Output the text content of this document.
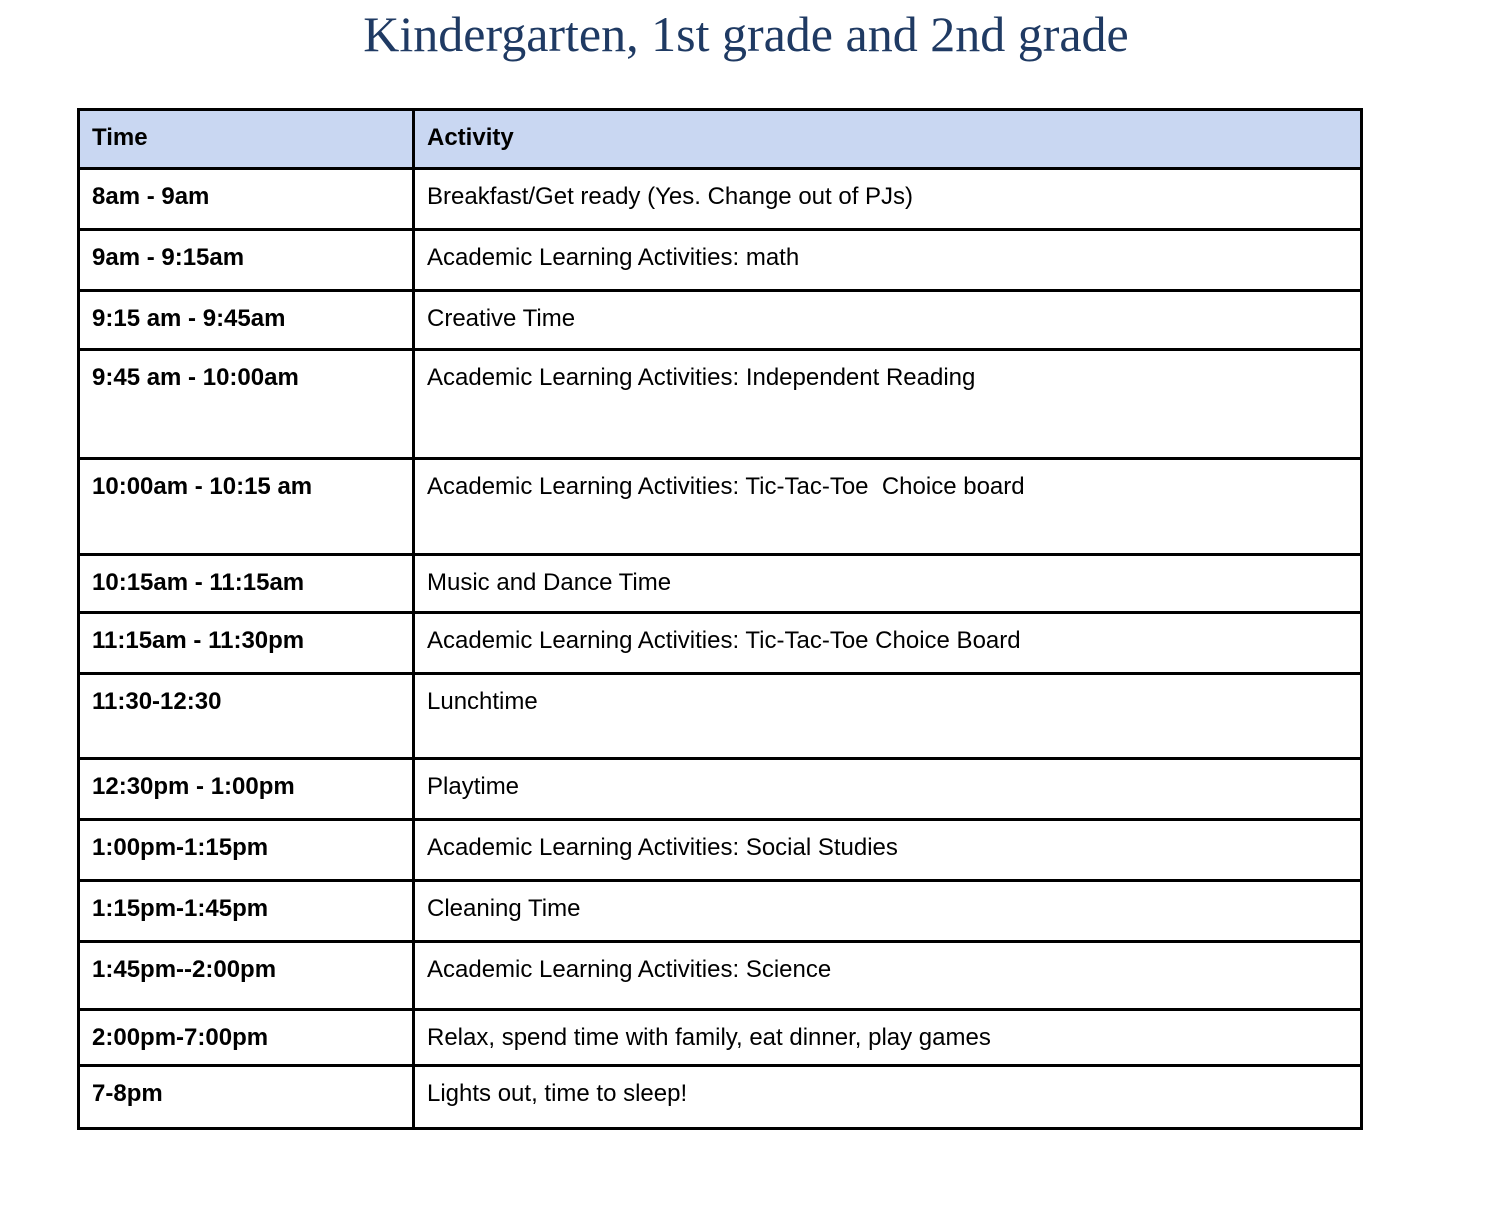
Kindergarten, 1st grade and 2nd grade
Time	Activity
8am - 9am	Breakfast/Get ready (Yes. Change out of PJs)
9am - 9:15am	Academic Learning Activities: math
9:15 am - 9:45am	Creative Time
9:45 am - 10:00am	Academic Learning Activities: Independent Reading
10:00am - 10:15 am	Academic Learning Activities: Tic-Tac-Toe  Choice board
10:15am - 11:15am	Music and Dance Time
11:15am - 11:30pm	Academic Learning Activities: Tic-Tac-Toe Choice Board
11:30-12:30	Lunchtime
12:30pm - 1:00pm	Playtime
1:00pm-1:15pm	Academic Learning Activities: Social Studies
1:15pm-1:45pm	Cleaning Time
1:45pm--2:00pm	Academic Learning Activities: Science
2:00pm-7:00pm	Relax, spend time with family, eat dinner, play games
7-8pm	Lights out, time to sleep!
